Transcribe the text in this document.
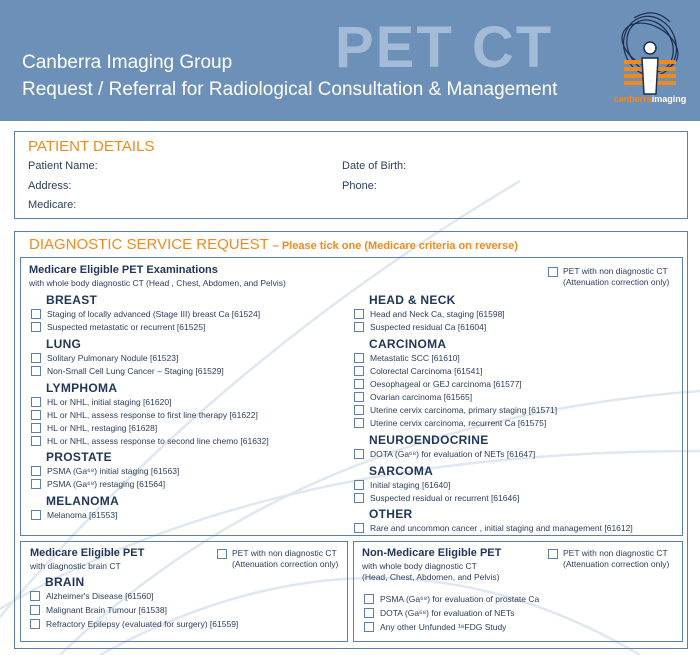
PET CT
Canberra Imaging Group
Request / Referral for Radiological Consultation & Management	canberraimaging
PATIENT DETAILS
Patient Name:
Address:
Medicare:
Date of Birth:
Phone:
DIAGNOSTIC SERVICE REQUEST – Please tick one (Medicare criteria on reverse)
Medicare Eligible PET Examinations
with whole body diagnostic CT (Head , Chest, Abdomen, and Pelvis)
PET with non diagnostic CT
(Attenuation correction only)
BREAST
Staging of locally advanced (Stage III) breast Ca [61524]
Suspected metastatic or recurrent [61525]
LUNG
Solitary Pulmonary Nodule [61523]
Non-Small Cell Lung Cancer – Staging [61529]
LYMPHOMA
HL or NHL, initial staging [61620]
HL or NHL, assess response to first line therapy [61622]
HL or NHL, restaging [61628]
HL or NHL, assess response to second line chemo [61632]
PROSTATE
PSMA (Ga⁶⁸) initial staging [61563]
PSMA (Ga⁶⁸) restaging [61564]
MELANOMA
Melanoma [61553]
HEAD & NECK
Head and Neck Ca, staging [61598]
Suspected residual Ca [61604]
CARCINOMA
Metastatic SCC [61610]
Colorectal Carcinoma [61541]
Oesophageal or GEJ carcinoma [61577]
Ovarian carcinoma [61565]
Uterine cervix carcinoma, primary staging [61571]
Uterine cervix carcinoma, recurrent Ca [61575]
NEUROENDOCRINE
DOTA (Ga⁶⁸) for evaluation of NETs [61647]
SARCOMA
Initial staging [61640]
Suspected residual or recurrent [61646]
OTHER
Rare and uncommon cancer , initial staging and management [61612]
Medicare Eligible PET
with diagnostic brain CT
PET with non diagnostic CT
(Attenuation correction only)
BRAIN
Alzheimer's Disease [61560]
Malignant Brain Tumour [61538]
Refractory Epilepsy (evaluated for surgery) [61559]
Non-Medicare Eligible PET
with whole body diagnostic CT
(Head, Chest, Abdomen, and Pelvis)
PET with non diagnostic CT
(Attenuation correction only)
PSMA (Ga⁶⁸) for evaluation of prostate Ca
DOTA (Ga⁶⁸) for evaluation of NETs
Any other Unfunded ¹⁸FDG Study
